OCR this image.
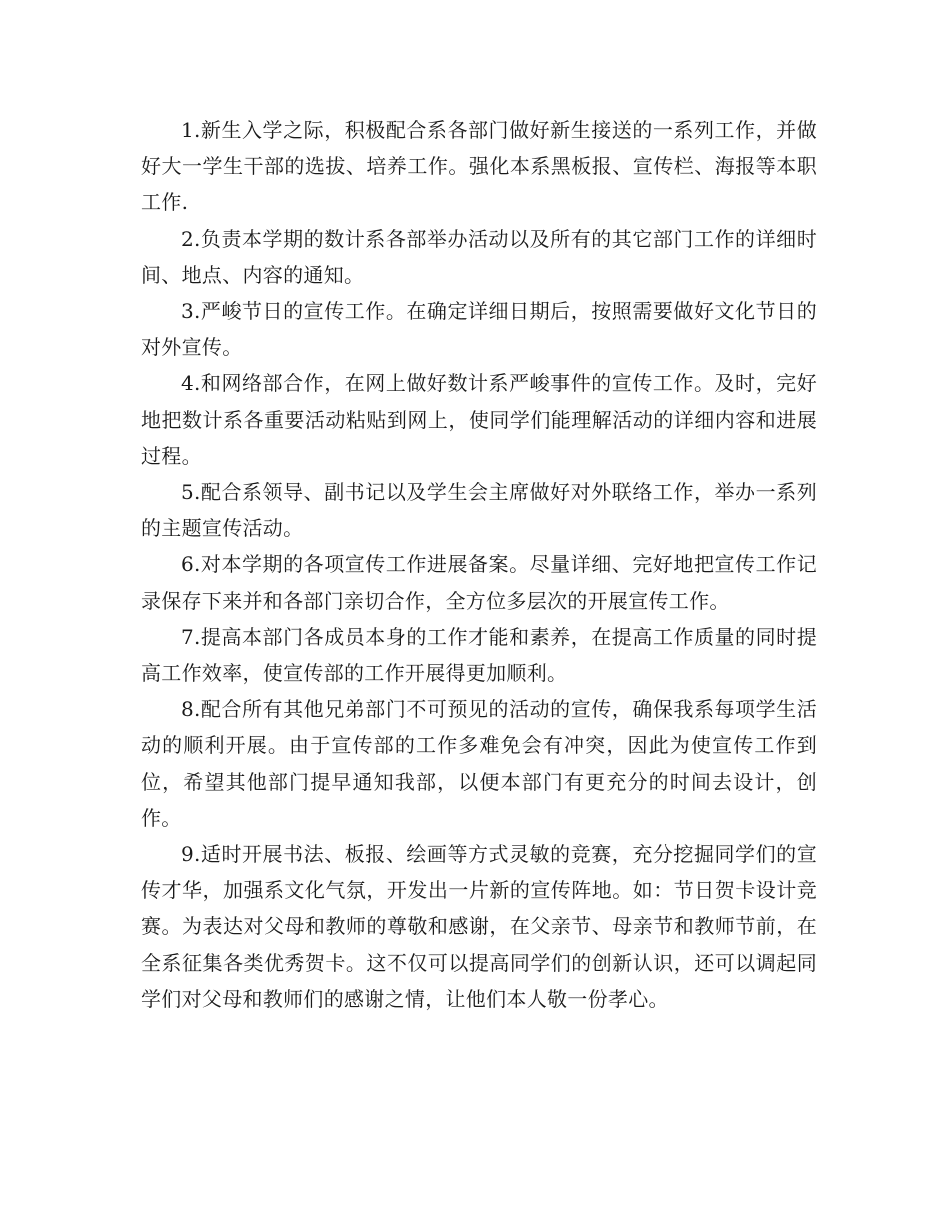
1.新生入学之际，积极配合系各部门做好新生接送的一系列工作，并做好大一学生干部的选拔、培养工作。强化本系黑板报、宣传栏、海报等本职工作.

2.负责本学期的数计系各部举办活动以及所有的其它部门工作的详细时间、地点、内容的通知。

3.严峻节日的宣传工作。在确定详细日期后，按照需要做好文化节日的对外宣传。

4.和网络部合作，在网上做好数计系严峻事件的宣传工作。及时，完好地把数计系各重要活动粘贴到网上，使同学们能理解活动的详细内容和进展过程。

5.配合系领导、副书记以及学生会主席做好对外联络工作，举办一系列的主题宣传活动。

6.对本学期的各项宣传工作进展备案。尽量详细、完好地把宣传工作记录保存下来并和各部门亲切合作，全方位多层次的开展宣传工作。

7.提高本部门各成员本身的工作才能和素养，在提高工作质量的同时提高工作效率，使宣传部的工作开展得更加顺利。

8.配合所有其他兄弟部门不可预见的活动的宣传，确保我系每项学生活动的顺利开展。由于宣传部的工作多难免会有冲突，因此为使宣传工作到位，希望其他部门提早通知我部，以便本部门有更充分的时间去设计，创作。

9.适时开展书法、板报、绘画等方式灵敏的竞赛，充分挖掘同学们的宣传才华，加强系文化气氛，开发出一片新的宣传阵地。如：节日贺卡设计竞赛。为表达对父母和教师的尊敬和感谢，在父亲节、母亲节和教师节前，在全系征集各类优秀贺卡。这不仅可以提高同学们的创新认识，还可以调起同学们对父母和教师们的感谢之情，让他们本人敬一份孝心。
